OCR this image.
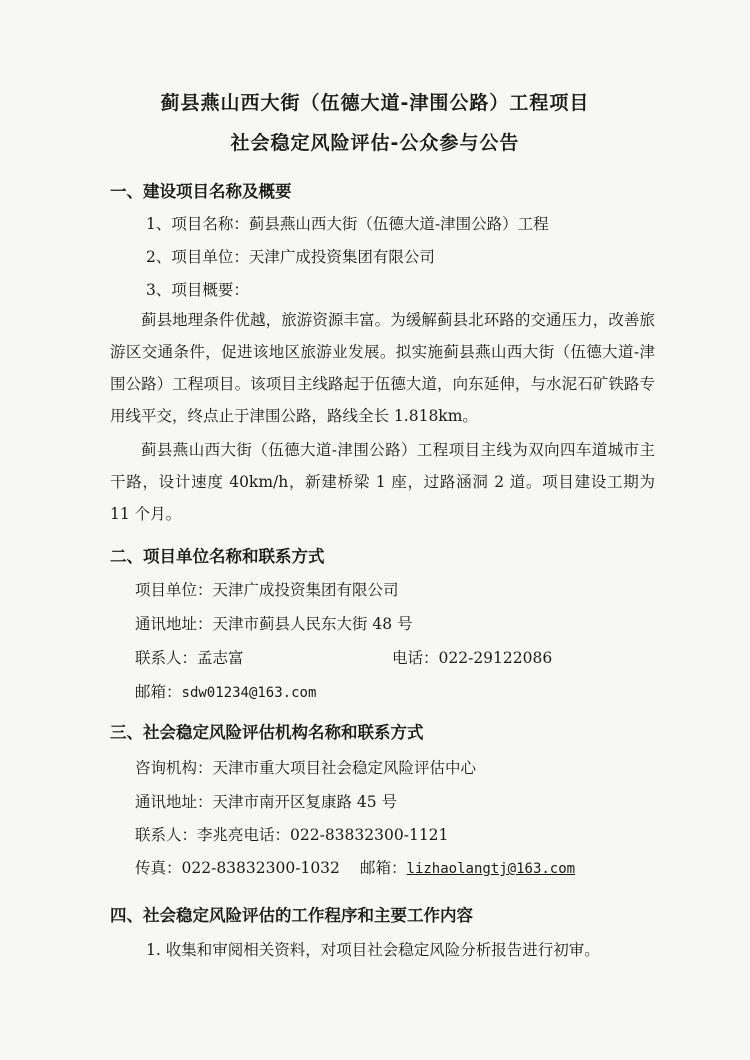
蓟县燕山西大街（伍德大道-津围公路）工程项目
社会稳定风险评估-公众参与公告
一、建设项目名称及概要
1、项目名称：蓟县燕山西大街（伍德大道-津围公路）工程
2、项目单位：天津广成投资集团有限公司
3、项目概要：
蓟县地理条件优越，旅游资源丰富。为缓解蓟县北环路的交通压力，改善旅游区交通条件，促进该地区旅游业发展。拟实施蓟县燕山西大街（伍德大道-津围公路）工程项目。该项目主线路起于伍德大道，向东延伸，与水泥石矿铁路专用线平交，终点止于津围公路，路线全长 1.818km。
蓟县燕山西大街（伍德大道-津围公路）工程项目主线为双向四车道城市主干路，设计速度 40km/h，新建桥梁 1 座，过路涵洞 2 道。项目建设工期为 11 个月。
二、项目单位名称和联系方式
项目单位：天津广成投资集团有限公司
通讯地址：天津市蓟县人民东大街 48 号
联系人：孟志富	电话：022-29122086
邮箱：sdw01234@163.com
三、社会稳定风险评估机构名称和联系方式
咨询机构：天津市重大项目社会稳定风险评估中心
通讯地址：天津市南开区复康路 45 号
联系人：李兆亮电话：022-83832300-1121
传真：022-83832300-1032 邮箱：lizhaolangtj@163.com
四、社会稳定风险评估的工作程序和主要工作内容
1. 收集和审阅相关资料，对项目社会稳定风险分析报告进行初审。
